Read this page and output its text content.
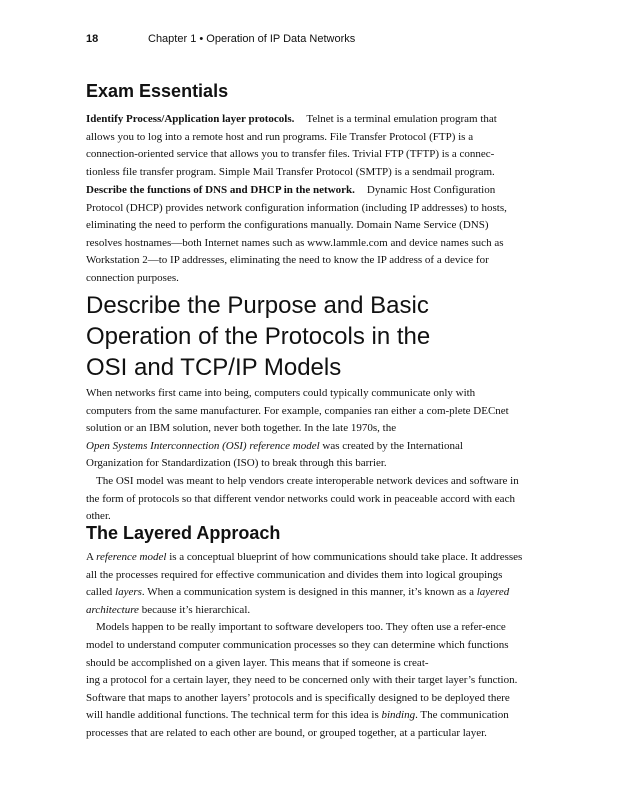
18	Chapter 1 • Operation of IP Data Networks
Exam Essentials
Identify Process/Application layer protocols. Telnet is a terminal emulation program that
allows you to log into a remote host and run programs. File Transfer Protocol (FTP) is a
connection-oriented service that allows you to transfer files. Trivial FTP (TFTP) is a connec-
tionless file transfer program. Simple Mail Transfer Protocol (SMTP) is a sendmail program.
Describe the functions of DNS and DHCP in the network. Dynamic Host Configuration
Protocol (DHCP) provides network configuration information (including IP addresses) to hosts,
eliminating the need to perform the configurations manually. Domain Name Service (DNS)
resolves hostnames—both Internet names such as www.lammle.com and device names such as
Workstation 2—to IP addresses, eliminating the need to know the IP address of a device for
connection purposes.
Describe the Purpose and Basic
Operation of the Protocols in the
OSI and TCP/IP Models
When networks first came into being, computers could typically communicate only with
computers from the same manufacturer. For example, companies ran either a com-plete DECnet
solution or an IBM solution, never both together. In the late 1970s, the
Open Systems Interconnection (OSI) reference model was created by the International
Organization for Standardization (ISO) to break through this barrier.
The OSI model was meant to help vendors create interoperable network devices and software in
the form of protocols so that different vendor networks could work in peaceable accord with each
other.
The Layered Approach
A reference model is a conceptual blueprint of how communications should take place. It addresses
all the processes required for effective communication and divides them into logical groupings
called layers. When a communication system is designed in this manner, it’s known as a layered
architecture because it’s hierarchical.
Models happen to be really important to software developers too. They often use a refer-ence
model to understand computer communication processes so they can determine which functions
should be accomplished on a given layer. This means that if someone is creat-
ing a protocol for a certain layer, they need to be concerned only with their target layer’s function.
Software that maps to another layers’ protocols and is specifically designed to be deployed there
will handle additional functions. The technical term for this idea is binding. The communication
processes that are related to each other are bound, or grouped together, at a particular layer.
